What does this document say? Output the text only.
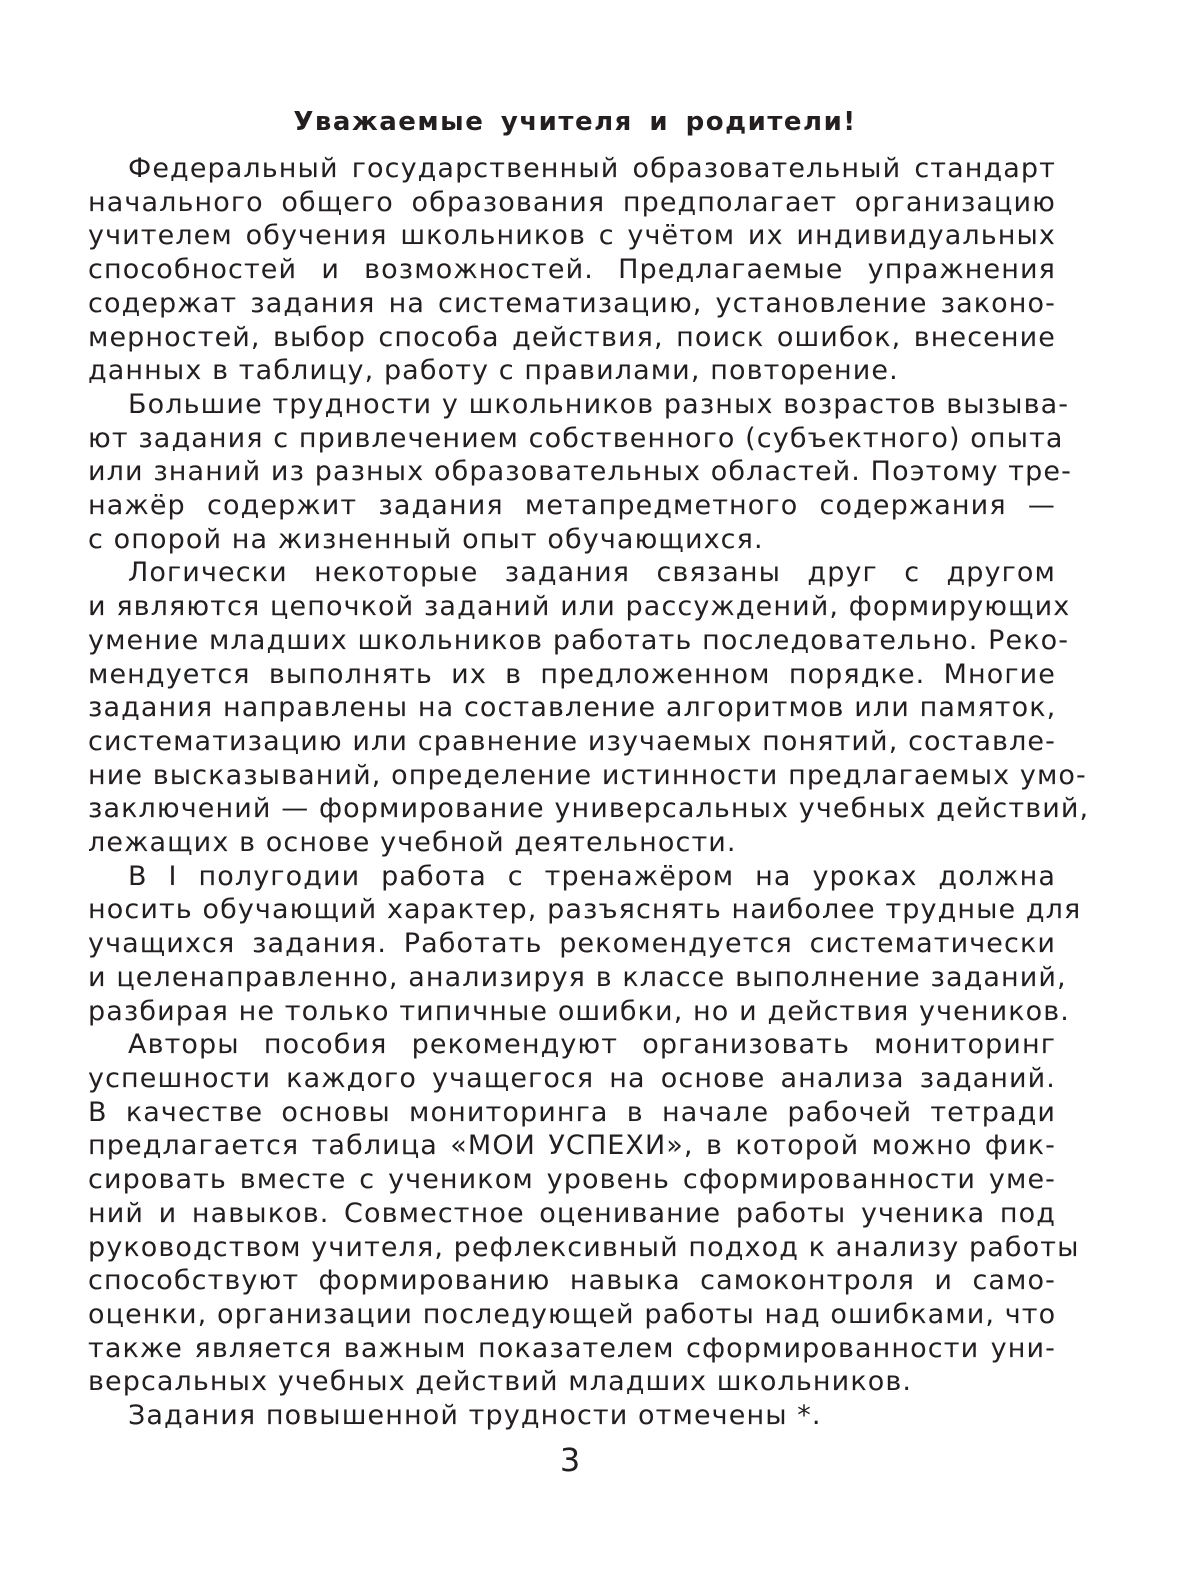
Уважаемые учителя и родители!

Федеральный государственный образовательный стандарт
начального общего образования предполагает организацию
учителем обучения школьников с учётом их индивидуальных
способностей и возможностей. Предлагаемые упражнения
содержат задания на систематизацию, установление законо-
мерностей, выбор способа действия, поиск ошибок, внесение
данных в таблицу, работу с правилами, повторение.

Большие трудности у школьников разных возрастов вызыва-
ют задания с привлечением собственного (субъектного) опыта
или знаний из разных образовательных областей. Поэтому тре-
нажёр содержит задания метапредметного содержания —
с опорой на жизненный опыт обучающихся.

Логически некоторые задания связаны друг с другом
и являются цепочкой заданий или рассуждений, формирующих
умение младших школьников работать последовательно. Реко-
мендуется выполнять их в предложенном порядке. Многие
задания направлены на составление алгоритмов или памяток,
систематизацию или сравнение изучаемых понятий, составле-
ние высказываний, определение истинности предлагаемых умо-
заключений — формирование универсальных учебных действий,
лежащих в основе учебной деятельности.

В I полугодии работа с тренажёром на уроках должна
носить обучающий характер, разъяснять наиболее трудные для
учащихся задания. Работать рекомендуется систематически
и целенаправленно, анализируя в классе выполнение заданий,
разбирая не только типичные ошибки, но и действия учеников.

Авторы пособия рекомендуют организовать мониторинг
успешности каждого учащегося на основе анализа заданий.
В качестве основы мониторинга в начале рабочей тетради
предлагается таблица «МОИ УСПЕХИ», в которой можно фик-
сировать вместе с учеником уровень сформированности уме-
ний и навыков. Совместное оценивание работы ученика под
руководством учителя, рефлексивный подход к анализу работы
способствуют формированию навыка самоконтроля и само-
оценки, организации последующей работы над ошибками, что
также является важным показателем сформированности уни-
версальных учебных действий младших школьников.

Задания повышенной трудности отмечены *.

3
